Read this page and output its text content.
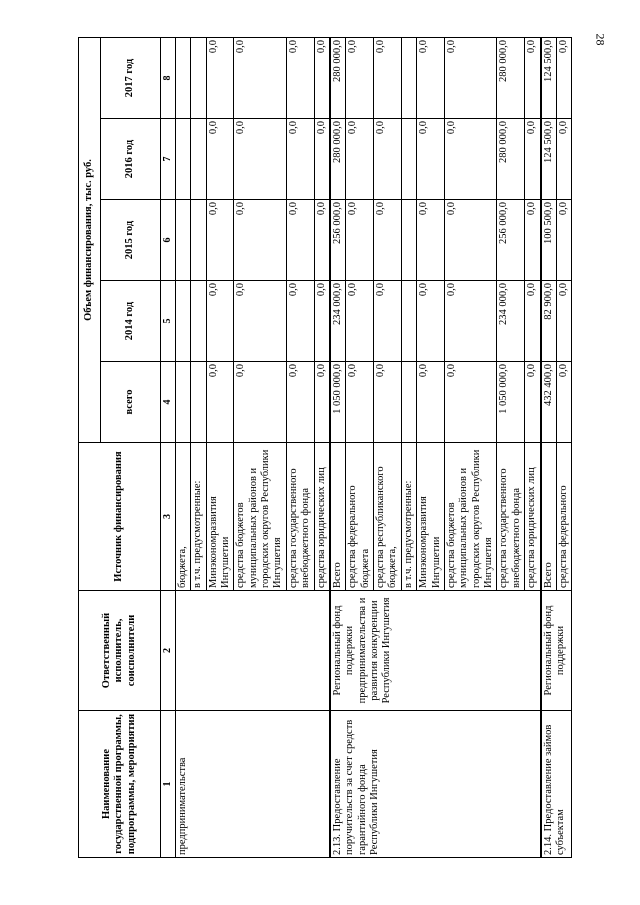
28
Наименование государственной программы, подпрограммы, мероприятия	Ответственный исполнитель, соисполнители	Источник финансирования	Объем финансирования, тыс. руб.				
			всего	2014 год	2015 год	2016 год	2017 год
1	2	3	4	5	6	7	8
предпринимательства		бюджета,					
		в т.ч. предусмотренные:					
		Минэкономразвития Ингушетии	0,0	0,0	0,0	0,0	0,0
		средства бюджетов муниципальных районов и городских округов Республики Ингушетия	0,0	0,0	0,0	0,0	0,0
		средства государственного внебюджетного фонда	0,0	0,0	0,0	0,0	0,0
		средства юридических лиц	0,0	0,0	0,0	0,0	0,0
2.13. Предоставление поручительств за счет средств гарантийного фонда Республики Ингушетия	Региональный фонд поддержки предпринимательства и развития конкуренции Республики Ингушетия	Всего	1 050 000,0	234 000,0	256 000,0	280 000,0	280 000,0
		средства федерального бюджета	0,0	0,0	0,0	0,0	0,0
		средства республиканского бюджета,	0,0	0,0	0,0	0,0	0,0
		в т.ч. предусмотренные:					
		Минэкономразвития Ингушетии	0,0	0,0	0,0	0,0	0,0
		средства бюджетов муниципальных районов и городских округов Республики Ингушетия	0,0	0,0	0,0	0,0	0,0
		средства государственного внебюджетного фонда	1 050 000,0	234 000,0	256 000,0	280 000,0	280 000,0
		средства юридических лиц	0,0	0,0	0,0	0,0	0,0
2.14. Предоставление займов субъектам	Региональный фонд поддержки	Всего	432 400,0	82 900,0	100 500,0	124 500,0	124 500,0
		средства федерального	0,0	0,0	0,0	0,0	0,0
